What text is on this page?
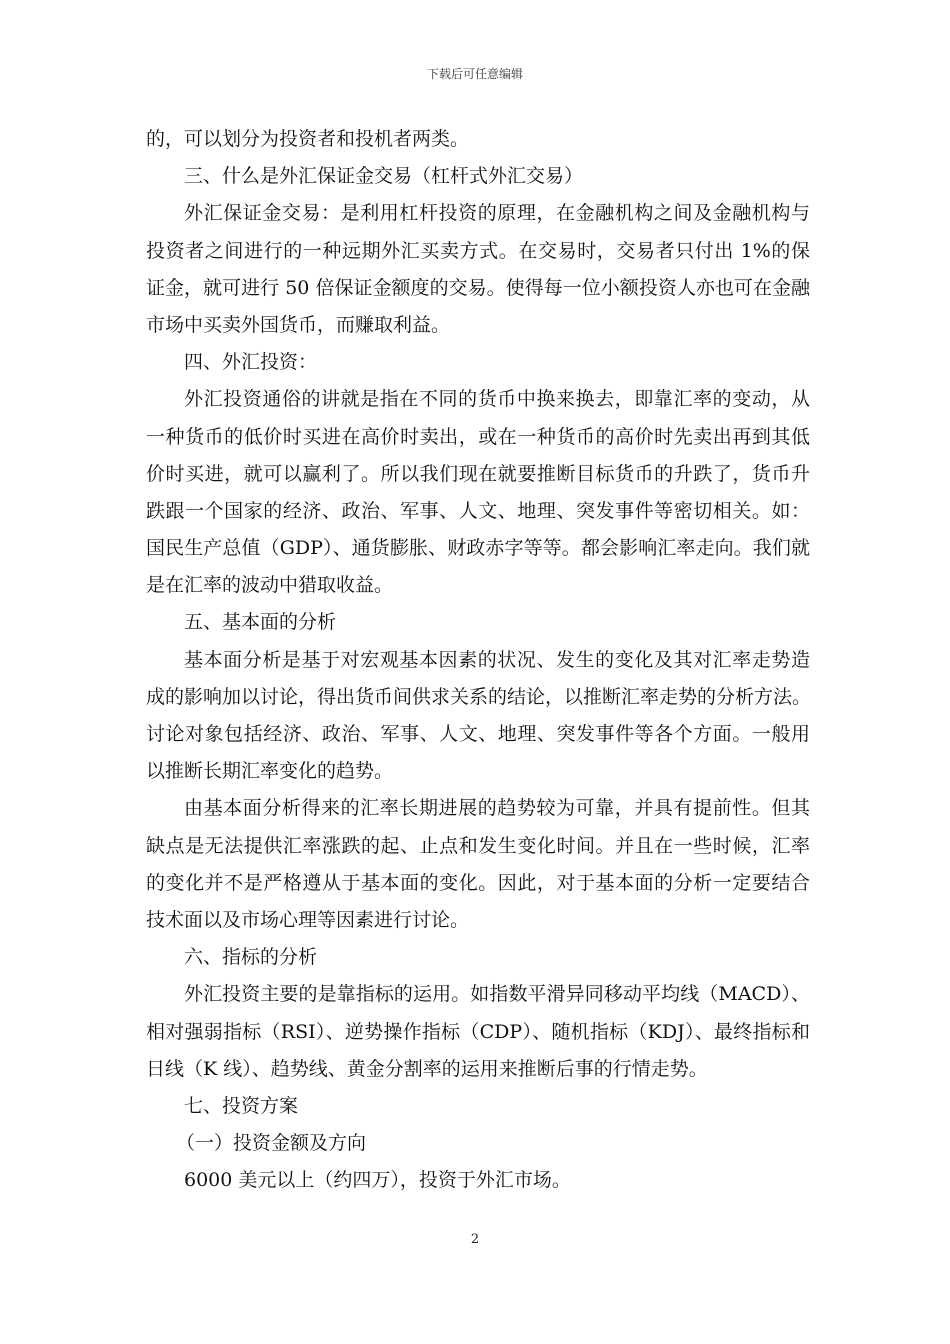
下载后可任意编辑
的，可以划分为投资者和投机者两类。
三、什么是外汇保证金交易（杠杆式外汇交易）
外汇保证金交易：是利用杠杆投资的原理，在金融机构之间及金融机构与
投资者之间进行的一种远期外汇买卖方式。在交易时，交易者只付出 1%的保
证金，就可进行 50 倍保证金额度的交易。使得每一位小额投资人亦也可在金融
市场中买卖外国货币，而赚取利益。
四、外汇投资：
外汇投资通俗的讲就是指在不同的货币中换来换去，即靠汇率的变动，从
一种货币的低价时买进在高价时卖出，或在一种货币的高价时先卖出再到其低
价时买进，就可以赢利了。所以我们现在就要推断目标货币的升跌了，货币升
跌跟一个国家的经济、政治、军事、人文、地理、突发事件等密切相关。如：
国民生产总值（GDP）、通货膨胀、财政赤字等等。都会影响汇率走向。我们就
是在汇率的波动中猎取收益。
五、基本面的分析
基本面分析是基于对宏观基本因素的状况、发生的变化及其对汇率走势造
成的影响加以讨论，得出货币间供求关系的结论，以推断汇率走势的分析方法。
讨论对象包括经济、政治、军事、人文、地理、突发事件等各个方面。一般用
以推断长期汇率变化的趋势。
由基本面分析得来的汇率长期进展的趋势较为可靠，并具有提前性。但其
缺点是无法提供汇率涨跌的起、止点和发生变化时间。并且在一些时候，汇率
的变化并不是严格遵从于基本面的变化。因此，对于基本面的分析一定要结合
技术面以及市场心理等因素进行讨论。
六、指标的分析
外汇投资主要的是靠指标的运用。如指数平滑异同移动平均线（MACD）、
相对强弱指标（RSI）、逆势操作指标（CDP）、随机指标（KDJ）、最终指标和
日线（K 线）、趋势线、黄金分割率的运用来推断后事的行情走势。
七、投资方案
（一）投资金额及方向
6000 美元以上（约四万），投资于外汇市场。
2
